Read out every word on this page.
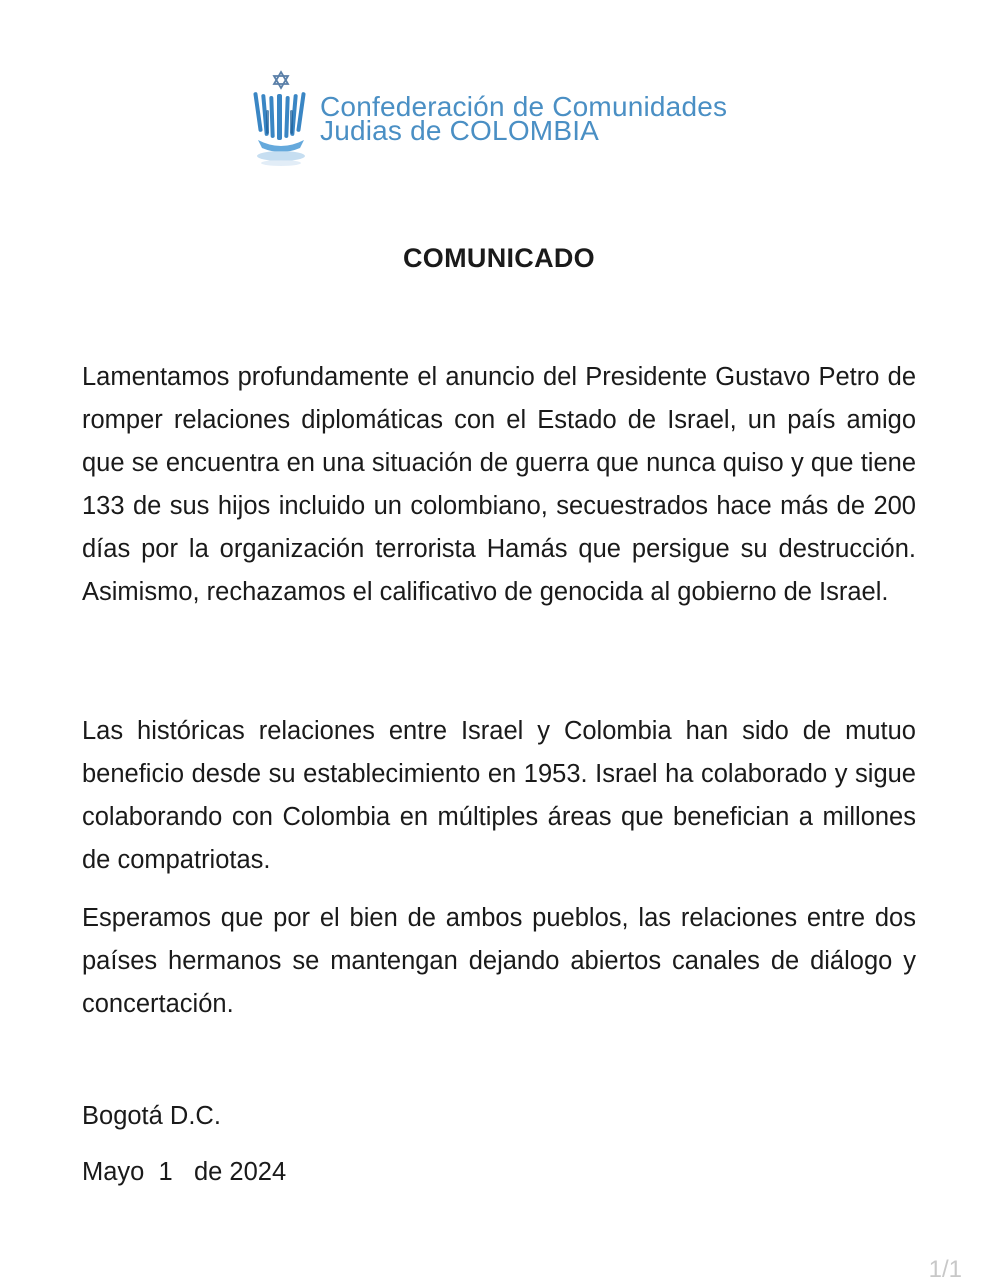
Confederación de Comunidades
Judias de COLOMBIA
COMUNICADO

Lamentamos profundamente el anuncio del Presidente Gustavo Petro de romper relaciones diplomáticas con el Estado de Israel, un país amigo que se encuentra en una situación de guerra que nunca quiso y que tiene 133 de sus hijos incluido un colombiano, secuestrados hace más de 200 días por la organización terrorista Hamás que persigue su destrucción. Asimismo, rechazamos el calificativo de genocida al gobierno de Israel.

Las históricas relaciones entre Israel y Colombia han sido de mutuo beneficio desde su establecimiento en 1953. Israel ha colaborado y sigue colaborando con Colombia en múltiples áreas que benefician a millones de compatriotas.

Esperamos que por el bien de ambos pueblos, las relaciones entre dos países hermanos se mantengan dejando abiertos canales de diálogo y concertación.

Bogotá D.C.
Mayo  1   de 2024
1/1
